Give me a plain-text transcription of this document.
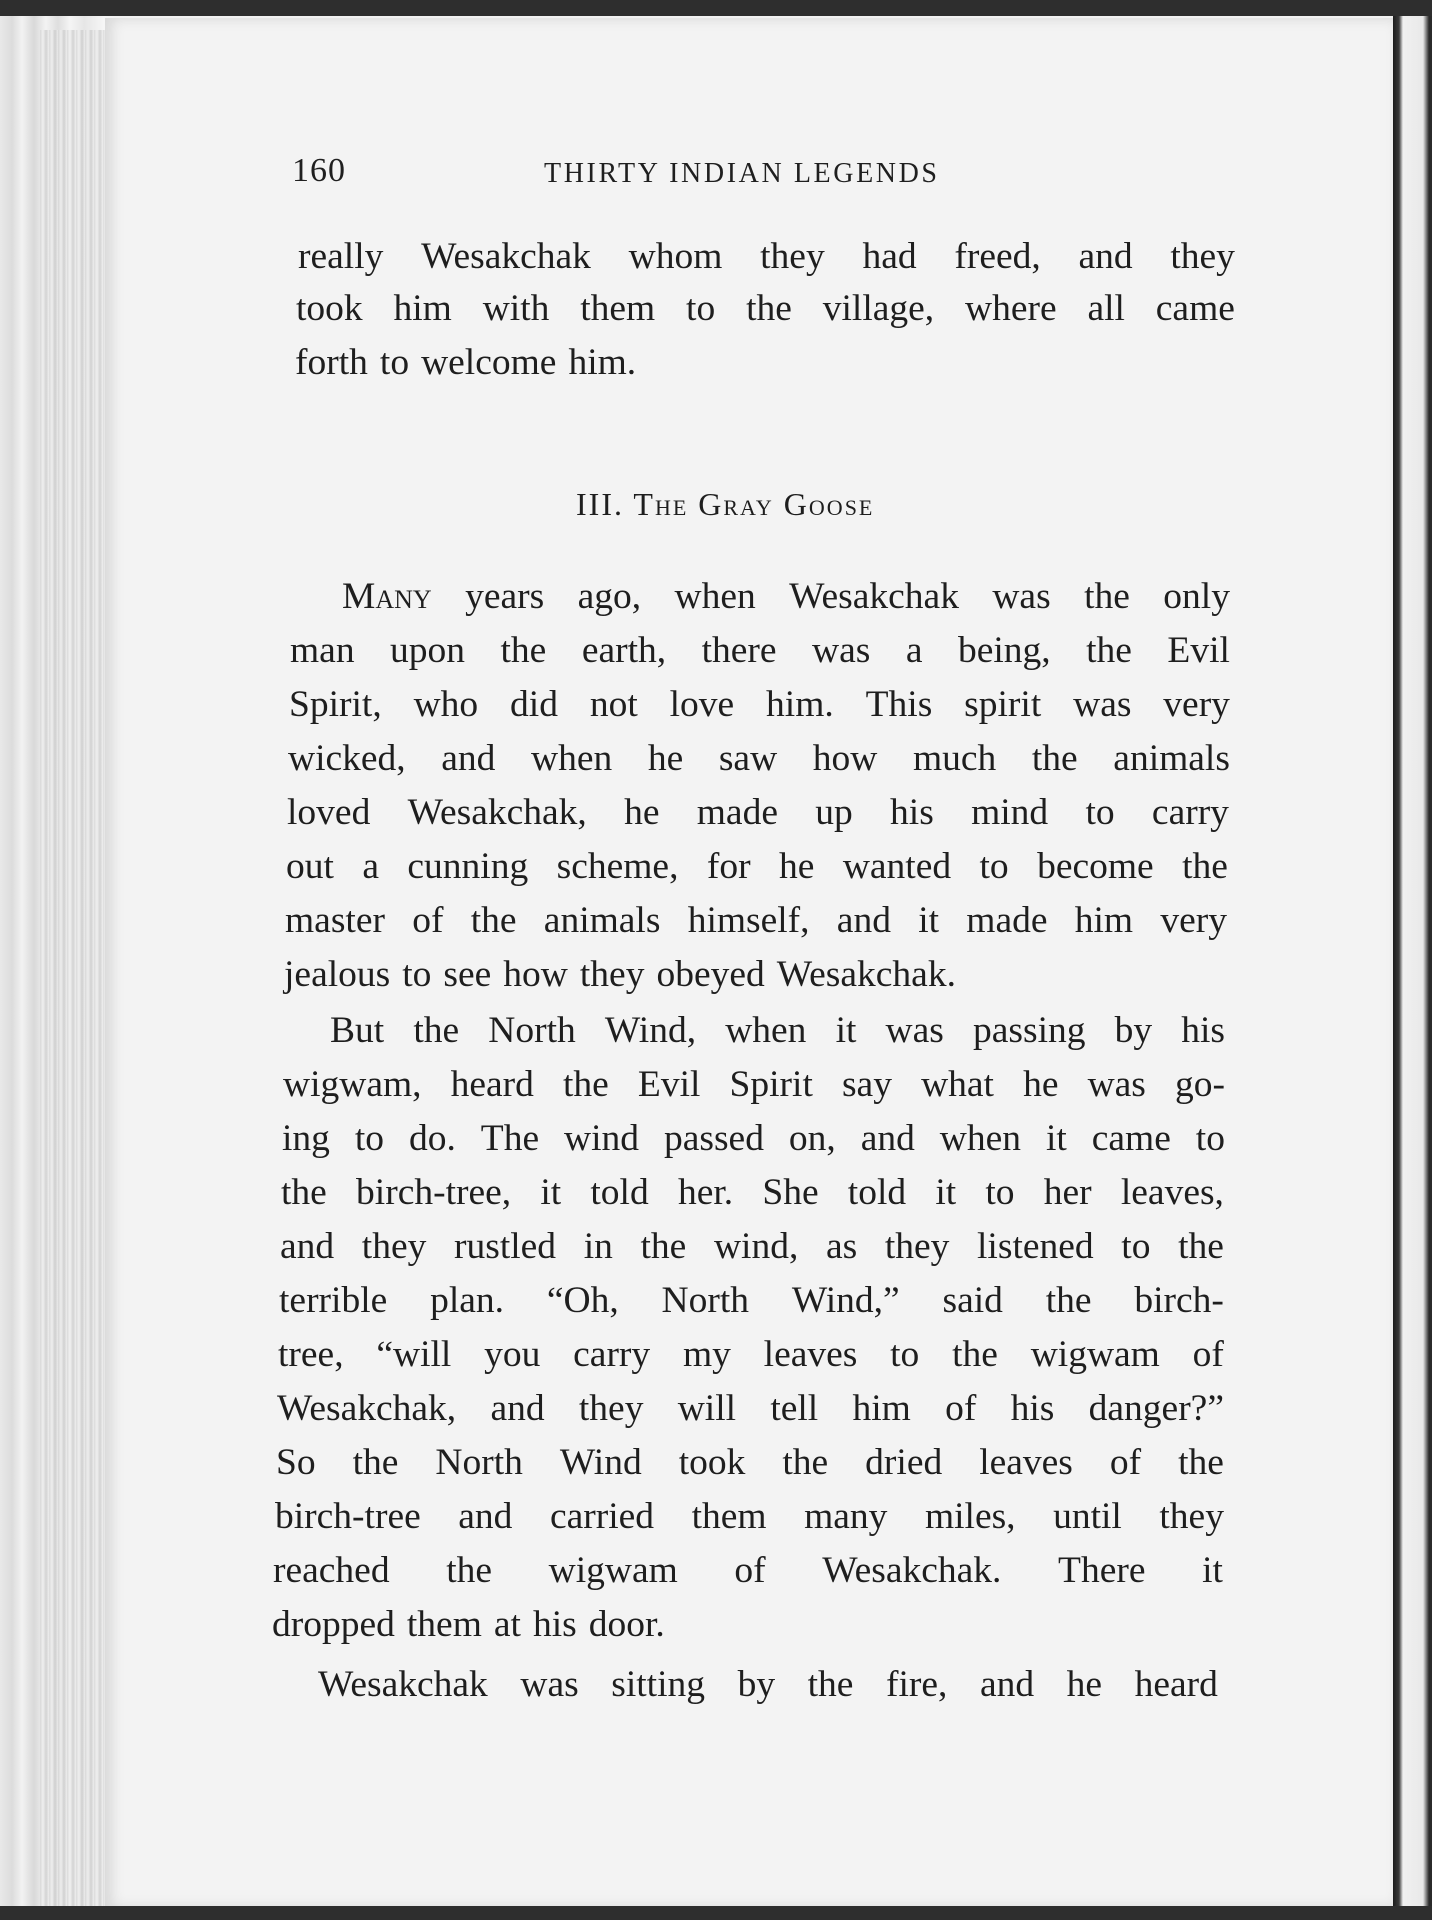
160	THIRTY INDIAN LEGENDS
III. The Gray Goose
really Wesakchak whom they had freed, and they
took him with them to the village, where all came
forth to welcome him.
Many years ago, when Wesakchak was the only
man upon the earth, there was a being, the Evil
Spirit, who did not love him. This spirit was very
wicked, and when he saw how much the animals
loved Wesakchak, he made up his mind to carry
out a cunning scheme, for he wanted to become the
master of the animals himself, and it made him very
jealous to see how they obeyed Wesakchak.
But the North Wind, when it was passing by his
wigwam, heard the Evil Spirit say what he was go-
ing to do. The wind passed on, and when it came to
the birch-tree, it told her. She told it to her leaves,
and they rustled in the wind, as they listened to the
terrible plan. “Oh, North Wind,” said the birch-
tree, “will you carry my leaves to the wigwam of
Wesakchak, and they will tell him of his danger?”
So the North Wind took the dried leaves of the
birch-tree and carried them many miles, until they
reached the wigwam of Wesakchak. There it
dropped them at his door.
Wesakchak was sitting by the fire, and he heard
